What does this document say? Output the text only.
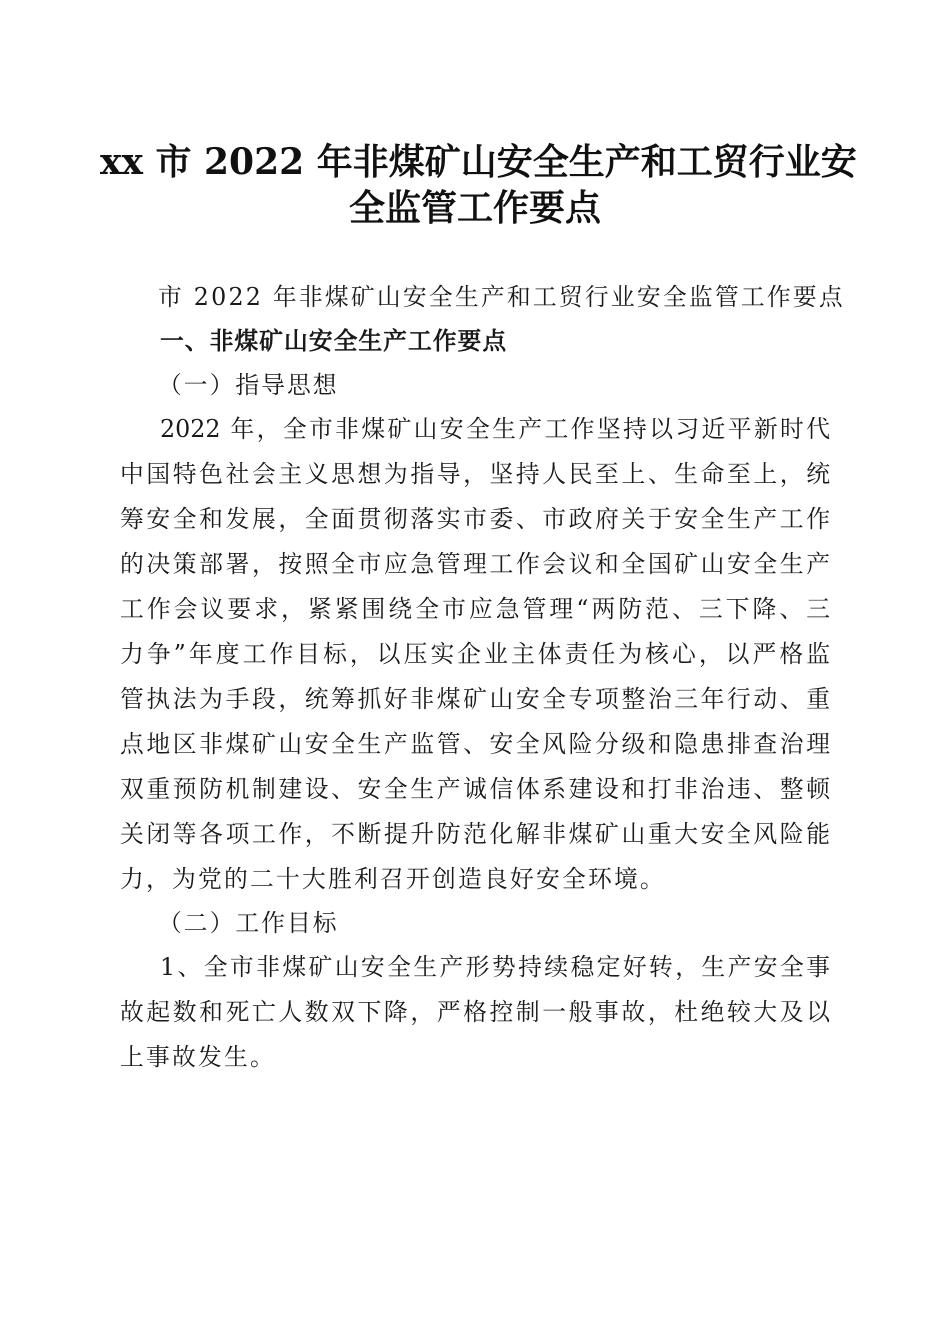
xx 市 2022 年非煤矿山安全生产和工贸行业安
全监管工作要点
市 2022 年非煤矿山安全生产和工贸行业安全监管工作要点
一、非煤矿山安全生产工作要点
（一）指导思想
2022 年，全市非煤矿山安全生产工作坚持以习近平新时代
中国特色社会主义思想为指导，坚持人民至上、生命至上，统
筹安全和发展，全面贯彻落实市委、市政府关于安全生产工作
的决策部署，按照全市应急管理工作会议和全国矿山安全生产
工作会议要求，紧紧围绕全市应急管理“两防范、三下降、三
力争”年度工作目标，以压实企业主体责任为核心，以严格监
管执法为手段，统筹抓好非煤矿山安全专项整治三年行动、重
点地区非煤矿山安全生产监管、安全风险分级和隐患排查治理
双重预防机制建设、安全生产诚信体系建设和打非治违、整顿
关闭等各项工作，不断提升防范化解非煤矿山重大安全风险能
力，为党的二十大胜利召开创造良好安全环境。
（二）工作目标
1、全市非煤矿山安全生产形势持续稳定好转，生产安全事
故起数和死亡人数双下降，严格控制一般事故，杜绝较大及以
上事故发生。
